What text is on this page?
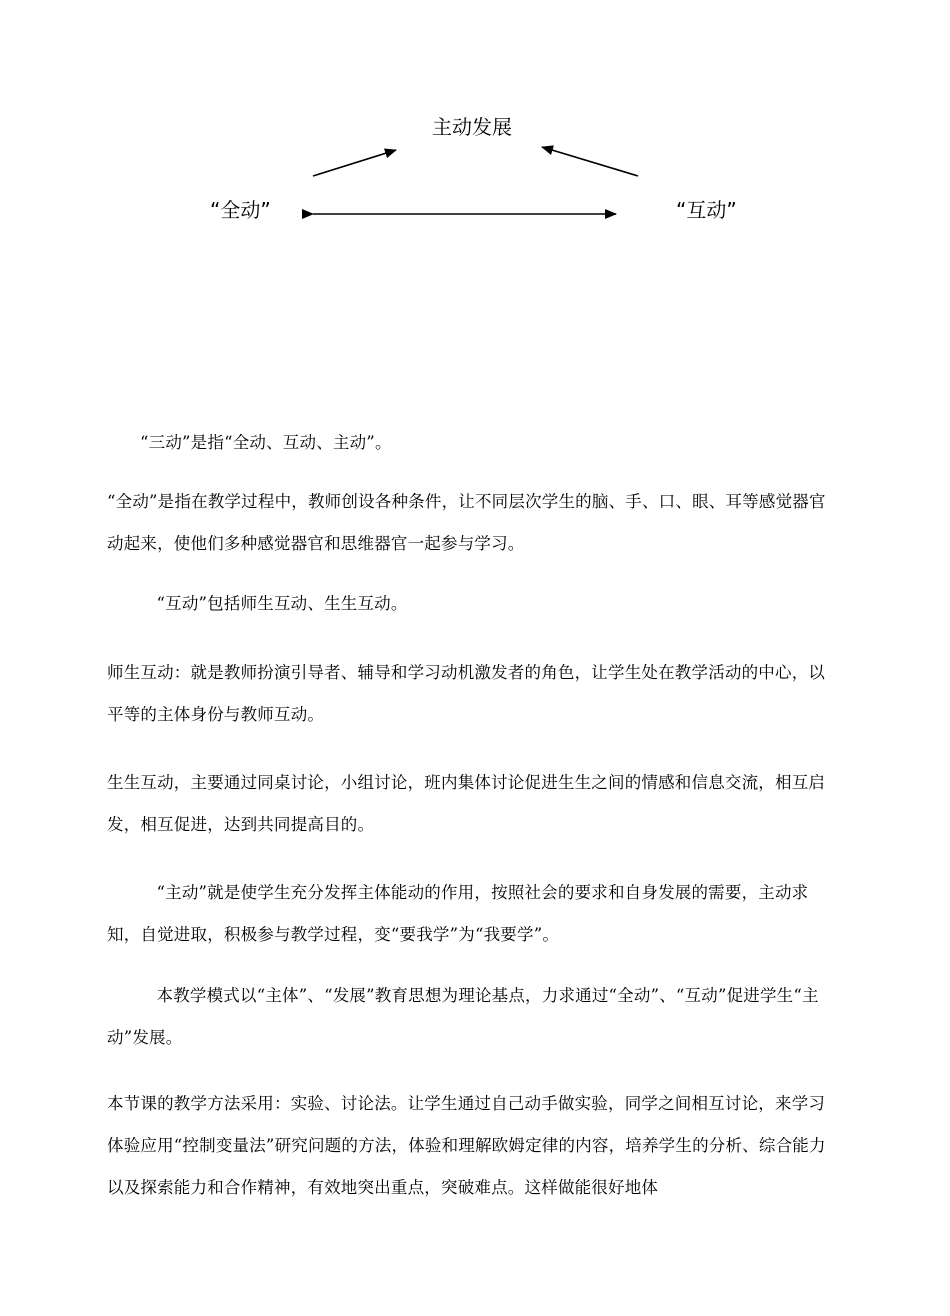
主动发展
“全动”	“互动”

“三动”是指“全动、互动、主动”。

“全动”是指在教学过程中，教师创设各种条件，让不同层次学生的脑、手、口、眼、耳等感觉器官动起来，使他们多种感觉器官和思维器官一起参与学习。

“互动”包括师生互动、生生互动。

师生互动：就是教师扮演引导者、辅导和学习动机激发者的角色，让学生处在教学活动的中心，以平等的主体身份与教师互动。

生生互动，主要通过同桌讨论，小组讨论，班内集体讨论促进生生之间的情感和信息交流，相互启发，相互促进，达到共同提高目的。

“主动”就是使学生充分发挥主体能动的作用，按照社会的要求和自身发展的需要，主动求知，自觉进取，积极参与教学过程，变“要我学”为“我要学”。

本教学模式以“主体”、“发展”教育思想为理论基点，力求通过“全动”、“互动”促进学生“主动”发展。

本节课的教学方法采用：实验、讨论法。让学生通过自己动手做实验，同学之间相互讨论，来学习体验应用“控制变量法”研究问题的方法，体验和理解欧姆定律的内容，培养学生的分析、综合能力以及探索能力和合作精神，有效地突出重点，突破难点。这样做能很好地体
